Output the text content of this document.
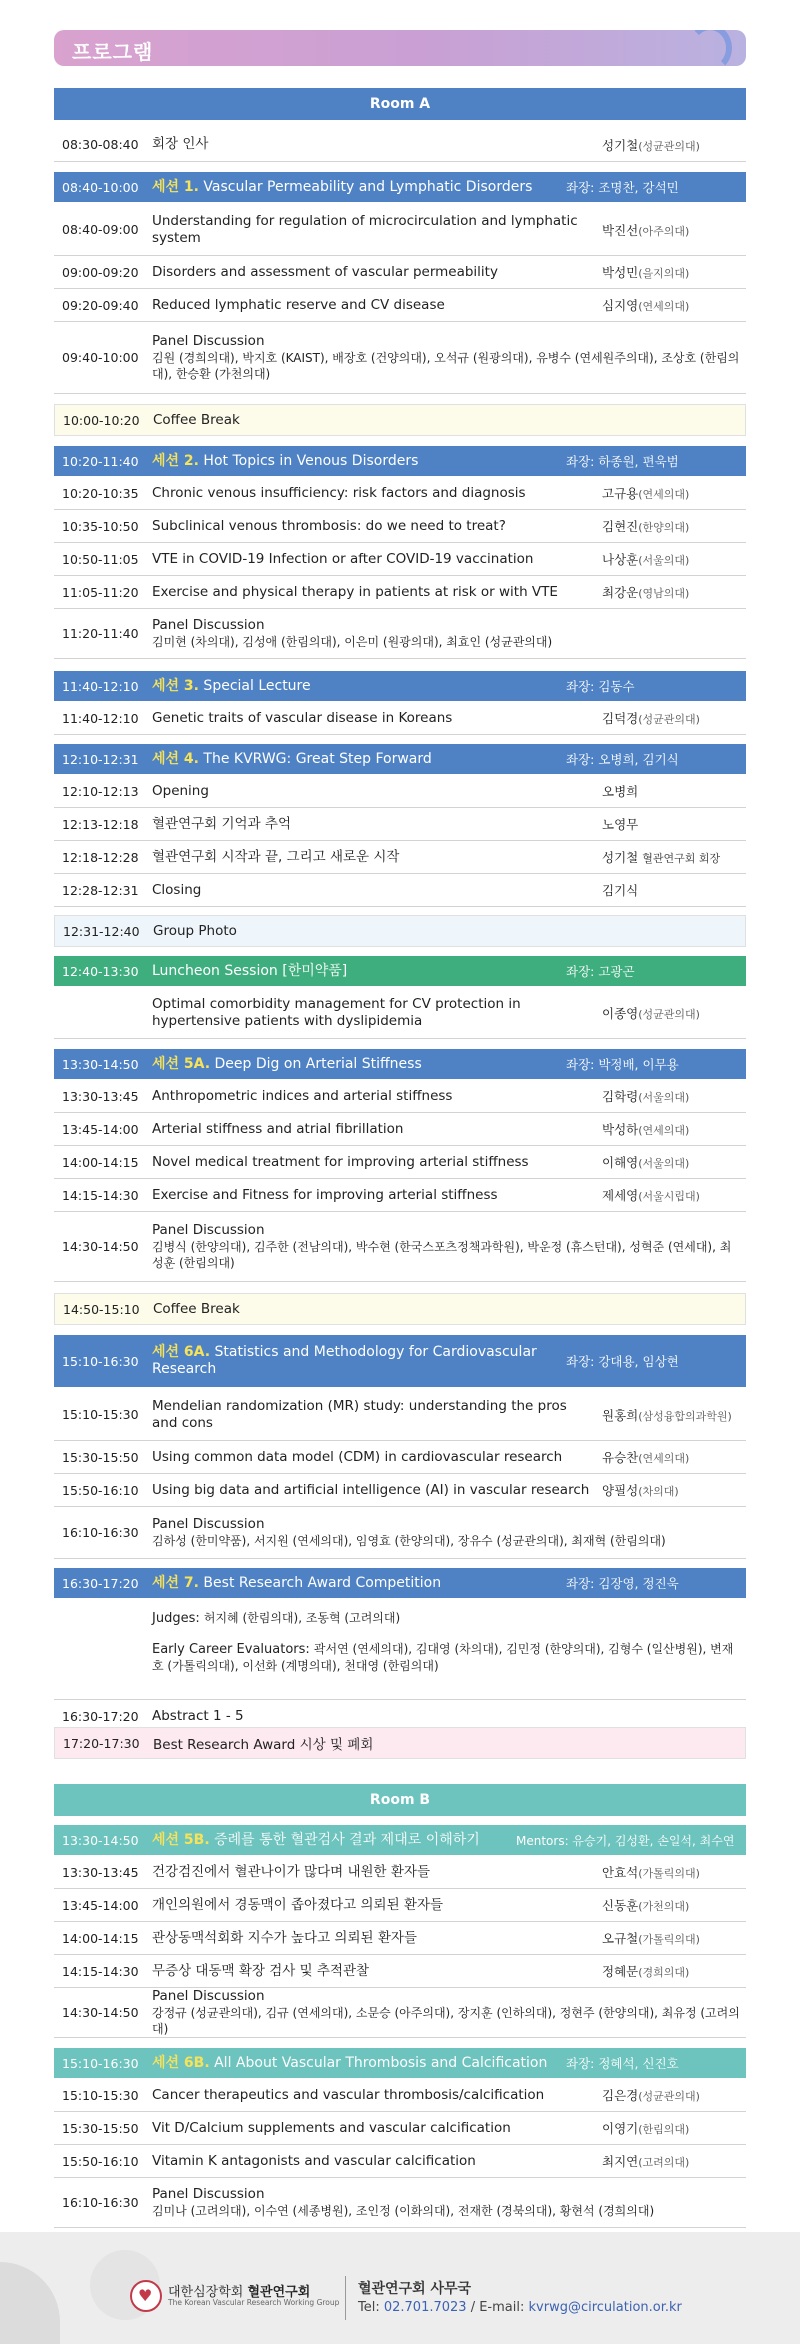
프로그램
Room A
08:30-08:40 회장 인사	성기철(성균관의대)
08:40-10:00 세션 1. Vascular Permeability and Lymphatic Disorders	좌장: 조명찬, 강석민
08:40-09:00
Understanding for regulation of microcirculation and lymphatic system	박진선(아주의대)
09:00-09:20 Disorders and assessment of vascular permeability	박성민(을지의대)
09:20-09:40 Reduced lymphatic reserve and CV disease	심지영(연세의대)
09:40-10:00
Panel Discussion
김원 (경희의대), 박지호 (KAIST), 배장호 (건양의대), 오석규 (원광의대), 유병수 (연세원주의대), 조상호 (한림의대), 한승환 (가천의대)
10:00-10:20 Coffee Break
10:20-11:40 세션 2. Hot Topics in Venous Disorders	좌장: 하종원, 편욱범
10:20-10:35 Chronic venous insufficiency: risk factors and diagnosis	고규용(연세의대)
10:35-10:50 Subclinical venous thrombosis: do we need to treat?	김현진(한양의대)
10:50-11:05 VTE in COVID-19 Infection or after COVID-19 vaccination	나상훈(서울의대)
11:05-11:20 Exercise and physical therapy in patients at risk or with VTE	최강운(영남의대)
11:20-11:40
Panel Discussion
김미현 (차의대), 김성애 (한림의대), 이은미 (원광의대), 최효인 (성균관의대)
11:40-12:10 세션 3. Special Lecture	좌장: 김동수
11:40-12:10 Genetic traits of vascular disease in Koreans	김덕경(성균관의대)
12:10-12:31 세션 4. The KVRWG: Great Step Forward	좌장: 오병희, 김기식
12:10-12:13 Opening	오병희
12:13-12:18 혈관연구회 기억과 추억	노영무
12:18-12:28 혈관연구회 시작과 끝, 그리고 새로운 시작	성기철 혈관연구회 회장
12:28-12:31 Closing	김기식
12:31-12:40 Group Photo
12:40-13:30 Luncheon Session [한미약품]	좌장: 고광곤
Optimal comorbidity management for CV protection in hypertensive patients with dyslipidemia	이종영(성균관의대)
13:30-14:50 세션 5A. Deep Dig on Arterial Stiffness	좌장: 박정배, 이무용
13:30-13:45 Anthropometric indices and arterial stiffness	김학령(서울의대)
13:45-14:00 Arterial stiffness and atrial fibrillation	박성하(연세의대)
14:00-14:15 Novel medical treatment for improving arterial stiffness	이해영(서울의대)
14:15-14:30 Exercise and Fitness for improving arterial stiffness	제세영(서울시립대)
14:30-14:50
Panel Discussion
김병식 (한양의대), 김주한 (전남의대), 박수현 (한국스포츠정책과학원), 박운정 (휴스턴대), 성혁준 (연세대), 최성훈 (한림의대)
14:50-15:10 Coffee Break
15:10-16:30
세션 6A. Statistics and Methodology for Cardiovascular Research	좌장: 강대용, 임상현
15:10-15:30
Mendelian randomization (MR) study: understanding the pros and cons	원홍희(삼성융합의과학원)
15:30-15:50 Using common data model (CDM) in cardiovascular research	유승찬(연세의대)
15:50-16:10 Using big data and artificial intelligence (AI) in vascular research	양필성(차의대)
16:10-16:30
Panel Discussion
김하성 (한미약품), 서지원 (연세의대), 임영효 (한양의대), 장유수 (성균관의대), 최재혁 (한림의대)
16:30-17:20 세션 7. Best Research Award Competition	좌장: 김장영, 정진욱
Judges: 허지혜 (한림의대), 조동혁 (고려의대)
Early Career Evaluators: 곽서연 (연세의대), 김대영 (차의대), 김민정 (한양의대), 김형수 (일산병원), 변재호 (가톨릭의대), 이선화 (계명의대), 천대영 (한림의대)
16:30-17:20 Abstract 1 - 5
17:20-17:30 Best Research Award 시상 및 폐회
Room B
13:30-14:50 세션 5B. 증례를 통한 혈관검사 결과 제대로 이해하기	Mentors: 유승기, 김성환, 손일석, 최수연
13:30-13:45 건강검진에서 혈관나이가 많다며 내원한 환자들	안효석(가톨릭의대)
13:45-14:00 개인의원에서 경동맥이 좁아졌다고 의뢰된 환자들	신동훈(가천의대)
14:00-14:15 관상동맥석회화 지수가 높다고 의뢰된 환자들	오규철(가톨릭의대)
14:15-14:30 무증상 대동맥 확장 검사 및 추적관찰	정혜문(경희의대)
14:30-14:50
Panel Discussion
강정규 (성균관의대), 김규 (연세의대), 소문승 (아주의대), 장지훈 (인하의대), 정현주 (한양의대), 최유정 (고려의대)
15:10-16:30 세션 6B. All About Vascular Thrombosis and Calcification	좌장: 정혜석, 신진호
15:10-15:30 Cancer therapeutics and vascular thrombosis/calcification	김은경(성균관의대)
15:30-15:50 Vit D/Calcium supplements and vascular calcification	이영기(한림의대)
15:50-16:10 Vitamin K antagonists and vascular calcification	최지연(고려의대)
16:10-16:30
Panel Discussion
김미나 (고려의대), 이수연 (세종병원), 조인정 (이화의대), 전재한 (경북의대), 황현석 (경희의대)
♥ 대한심장학회 혈관연구회
The Korean Vascular Research Working Group
혈관연구회 사무국
Tel: 02.701.7023 / E-mail: kvrwg@circulation.or.kr
